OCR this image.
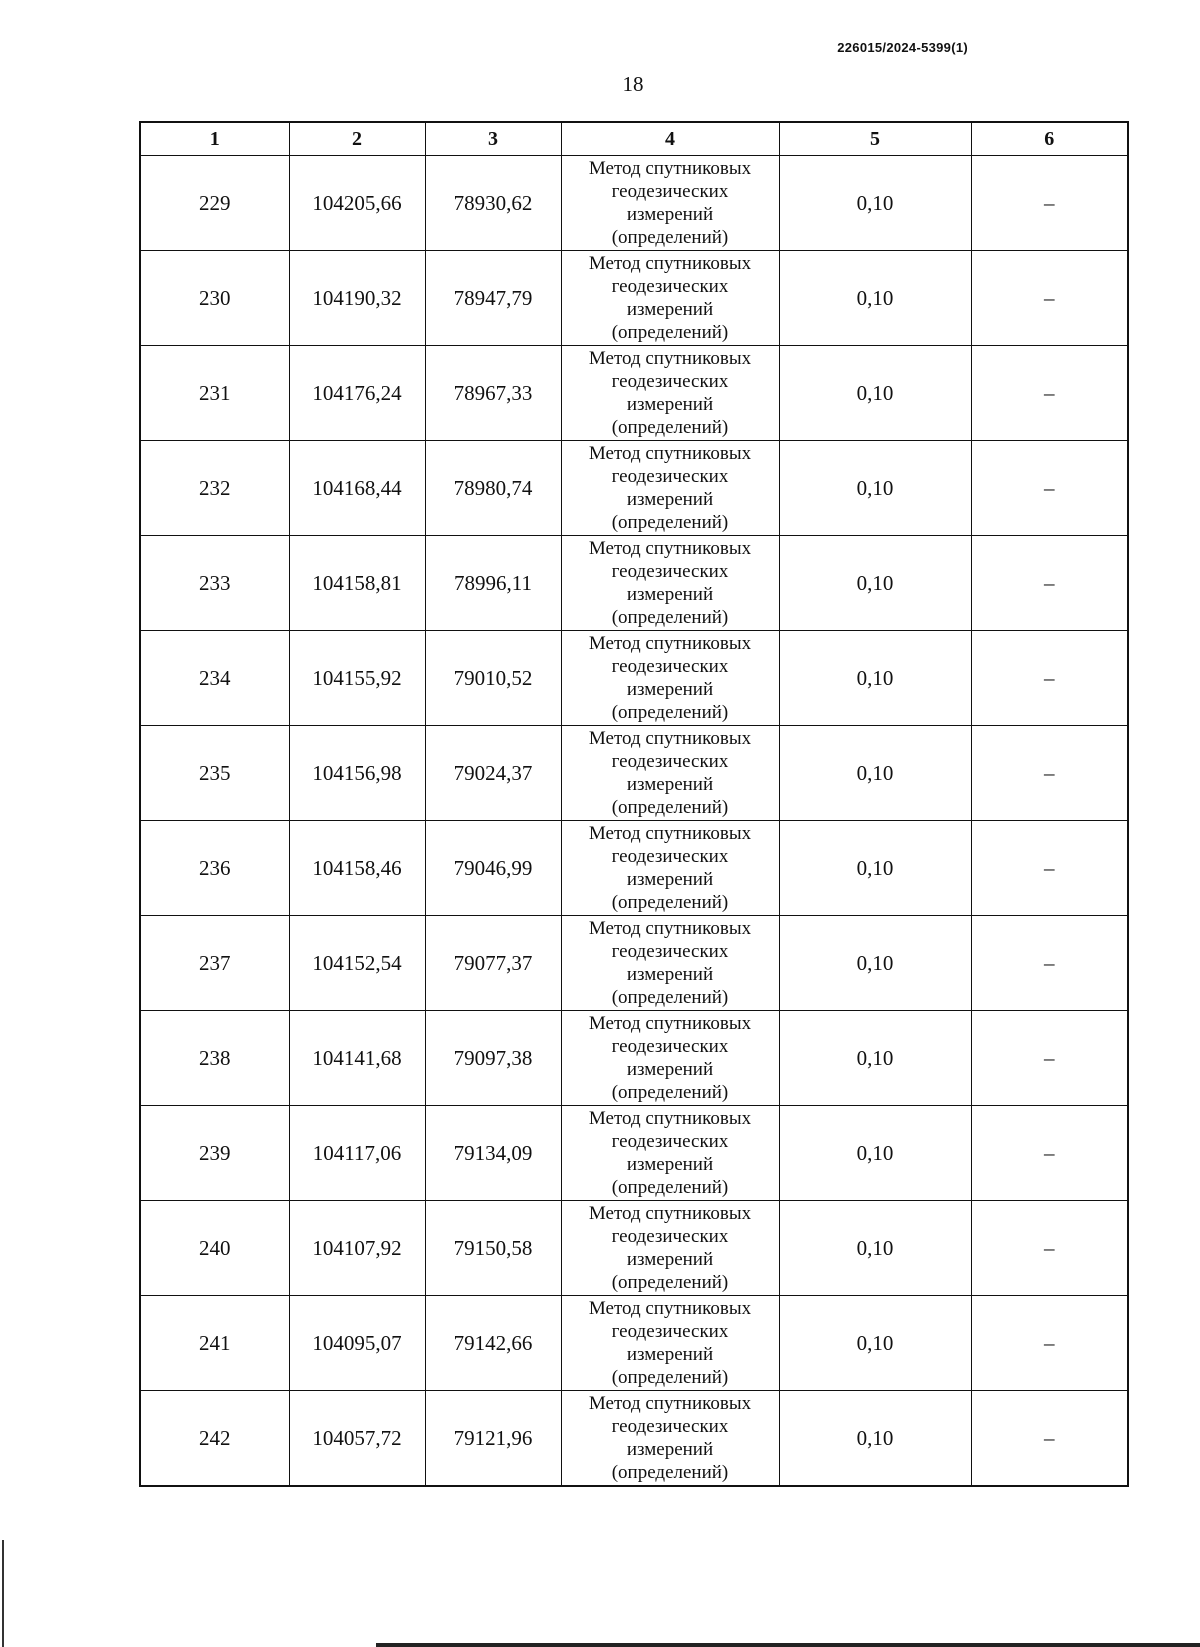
226015/2024-5399(1)
18
1	2	3	4	5	6
229	104205,66	78930,62	Метод спутниковых
геодезических
измерений
(определений)	0,10	–
230	104190,32	78947,79	Метод спутниковых
геодезических
измерений
(определений)	0,10	–
231	104176,24	78967,33	Метод спутниковых
геодезических
измерений
(определений)	0,10	–
232	104168,44	78980,74	Метод спутниковых
геодезических
измерений
(определений)	0,10	–
233	104158,81	78996,11	Метод спутниковых
геодезических
измерений
(определений)	0,10	–
234	104155,92	79010,52	Метод спутниковых
геодезических
измерений
(определений)	0,10	–
235	104156,98	79024,37	Метод спутниковых
геодезических
измерений
(определений)	0,10	–
236	104158,46	79046,99	Метод спутниковых
геодезических
измерений
(определений)	0,10	–
237	104152,54	79077,37	Метод спутниковых
геодезических
измерений
(определений)	0,10	–
238	104141,68	79097,38	Метод спутниковых
геодезических
измерений
(определений)	0,10	–
239	104117,06	79134,09	Метод спутниковых
геодезических
измерений
(определений)	0,10	–
240	104107,92	79150,58	Метод спутниковых
геодезических
измерений
(определений)	0,10	–
241	104095,07	79142,66	Метод спутниковых
геодезических
измерений
(определений)	0,10	–
242	104057,72	79121,96	Метод спутниковых
геодезических
измерений
(определений)	0,10	–
